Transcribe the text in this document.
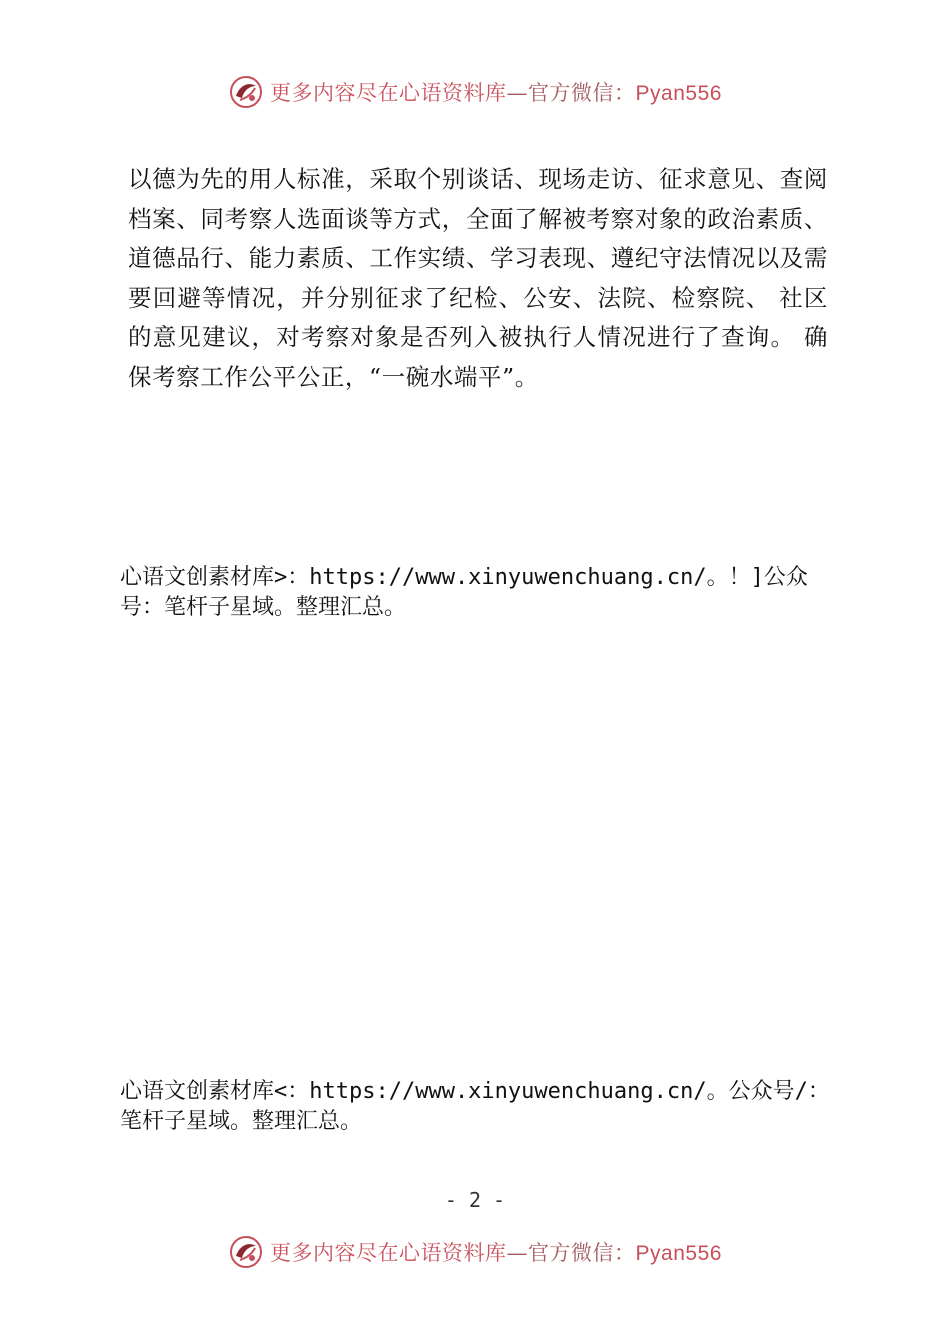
更多内容尽在心语资料库—官方微信：Pyan556

以德为先的用人标准，采取个别谈话、现场走访、征求意见、查阅档案、同考察人选面谈等方式，全面了解被考察对象的政治素质、道德品行、能力素质、工作实绩、学习表现、遵纪守法情况以及需要回避等情况，并分别征求了纪检、公安、法院、检察院、 社区的意见建议，对考察对象是否列入被执行人情况进行了查询。 确保考察工作公平公正，“一碗水端平”。

心语文创素材库>：https://www.xinyuwenchuang.cn/。！]公众号：笔杆子星域。整理汇总。

心语文创素材库<：https://www.xinyuwenchuang.cn/。公众号/：笔杆子星域。整理汇总。

- 2 -
更多内容尽在心语资料库—官方微信：Pyan556
